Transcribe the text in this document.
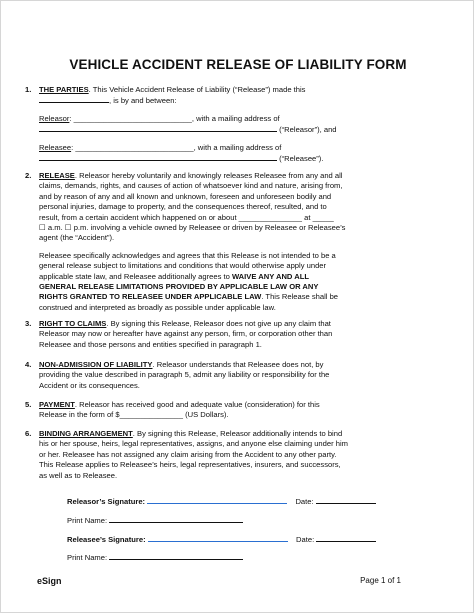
VEHICLE ACCIDENT RELEASE OF LIABILITY FORM
1. THE PARTIES. This Vehicle Accident Release of Liability (“Release”) made this
, is by and between:
Releasor: ____________________________, with a mailing address of
(“Releasor”), and
Releasee: ____________________________, with a mailing address of
(“Releasee”).
2. RELEASE. Releasor hereby voluntarily and knowingly releases Releasee from any and all
claims, demands, rights, and causes of action of whatsoever kind and nature, arising from,
and by reason of any and all known and unknown, foreseen and unforeseen bodily and
personal injuries, damage to property, and the consequences thereof, resulted, and to
result, from a certain accident which happened on or about _______________ at _____
☐ a.m. ☐ p.m. involving a vehicle owned by Releasee or driven by Releasee or Releasee’s
agent (the “Accident”).
Releasee specifically acknowledges and agrees that this Release is not intended to be a
general release subject to limitations and conditions that would otherwise apply under
applicable state law, and Releasee additionally agrees to WAIVE ANY AND ALL
GENERAL RELEASE LIMITATIONS PROVIDED BY APPLICABLE LAW OR ANY
RIGHTS GRANTED TO RELEASEE UNDER APPLICABLE LAW. This Release shall be
construed and interpreted as broadly as possible under applicable law.
3. RIGHT TO CLAIMS. By signing this Release, Releasor does not give up any claim that
Releasor may now or hereafter have against any person, firm, or corporation other than
Releasee and those persons and entities specified in paragraph 1.
4. NON-ADMISSION OF LIABILITY. Releasor understands that Releasee does not, by
providing the value described in paragraph 5, admit any liability or responsibility for the
Accident or its consequences.
5. PAYMENT. Releasor has received good and adequate value (consideration) for this
Release in the form of $_______________ (US Dollars).
6. BINDING ARRANGEMENT. By signing this Release, Releasor additionally intends to bind
his or her spouse, heirs, legal representatives, assigns, and anyone else claiming under him
or her. Releasee has not assigned any claim arising from the Accident to any other party.
This Release applies to Releasee’s heirs, legal representatives, insurers, and successors,
as well as to Releasee.
Releasor’s Signature:	Date:
Print Name:
Releasee’s Signature:	Date:
Print Name:
eSign	Page 1 of 1
